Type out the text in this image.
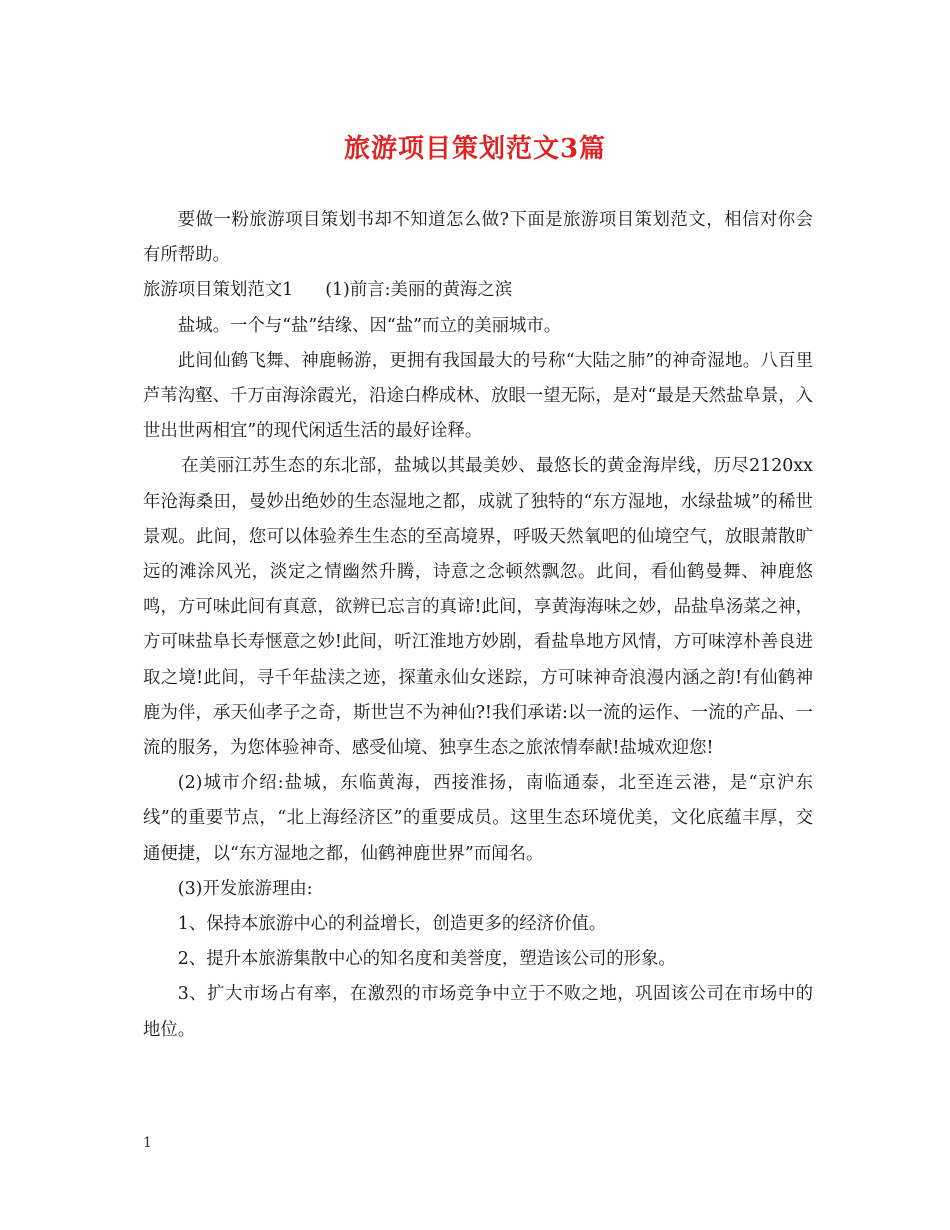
旅游项目策划范文3篇

要做一粉旅游项目策划书却不知道怎么做?下面是旅游项目策划范文，相信对你会有所帮助。

旅游项目策划范文1 (1)前言:美丽的黄海之滨

盐城。一个与“盐”结缘、因“盐”而立的美丽城市。

此间仙鹤飞舞、神鹿畅游，更拥有我国最大的号称“大陆之肺”的神奇湿地。八百里芦苇沟壑、千万亩海涂霞光，沿途白桦成林、放眼一望无际，是对“最是天然盐阜景，入世出世两相宜”的现代闲适生活的最好诠释。

在美丽江苏生态的东北部，盐城以其最美妙、最悠长的黄金海岸线，历尽2120xx年沧海桑田，曼妙出绝妙的生态湿地之都，成就了独特的“东方湿地，水绿盐城”的稀世景观。此间，您可以体验养生生态的至高境界，呼吸天然氧吧的仙境空气，放眼萧散旷远的滩涂风光，淡定之情幽然升腾，诗意之念顿然飘忽。此间，看仙鹤曼舞、神鹿悠鸣，方可味此间有真意，欲辨已忘言的真谛!此间，享黄海海味之妙，品盐阜汤菜之神，方可味盐阜长寿惬意之妙!此间，听江淮地方妙剧，看盐阜地方风情，方可味淳朴善良进取之境!此间，寻千年盐渎之迹，探董永仙女迷踪，方可味神奇浪漫内涵之韵!有仙鹤神鹿为伴，承天仙孝子之奇，斯世岂不为神仙?!我们承诺:以一流的运作、一流的产品、一流的服务，为您体验神奇、感受仙境、独享生态之旅浓情奉献!盐城欢迎您!

(2)城市介绍:盐城，东临黄海，西接淮扬，南临通泰，北至连云港，是“京沪东线”的重要节点，“北上海经济区”的重要成员。这里生态环境优美，文化底蕴丰厚，交通便捷，以“东方湿地之都，仙鹤神鹿世界”而闻名。

(3)开发旅游理由:

1、保持本旅游中心的利益增长，创造更多的经济价值。

2、提升本旅游集散中心的知名度和美誉度，塑造该公司的形象。

3、扩大市场占有率，在激烈的市场竞争中立于不败之地，巩固该公司在市场中的地位。

1
